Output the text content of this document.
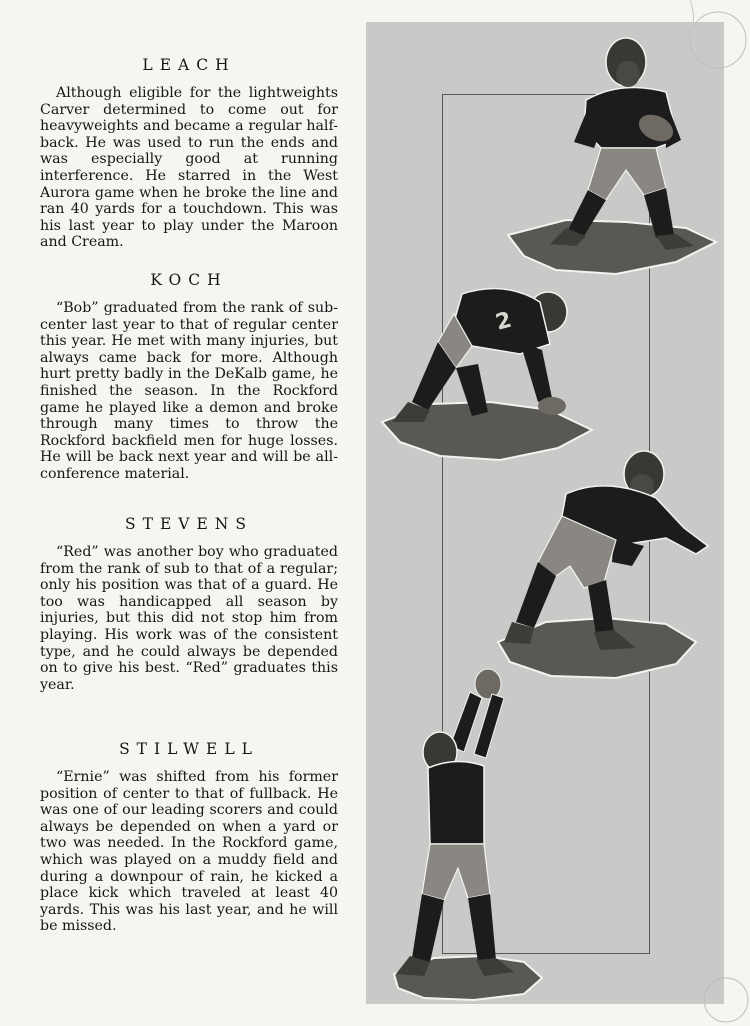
LEACH

Although eligible for the lightweights Carver determined to come out for heavyweights and became a regular half-back. He was used to run the ends and was especially good at running interference. He starred in the West Aurora game when he broke the line and ran 40 yards for a touchdown. This was his last year to play under the Maroon and Cream.

KOCH

“Bob” graduated from the rank of sub-center last year to that of regular center this year. He met with many injuries, but always came back for more. Although hurt pretty badly in the DeKalb game, he finished the season. In the Rockford game he played like a demon and broke through many times to throw the Rockford backfield men for huge losses. He will be back next year and will be all-conference material.

STEVENS

“Red” was another boy who graduated from the rank of sub to that of a regular; only his position was that of a guard. He too was handicapped all season by injuries, but this did not stop him from playing. His work was of the consistent type, and he could always be depended on to give his best. “Red” graduates this year.

STILWELL

“Ernie” was shifted from his former position of center to that of fullback. He was one of our leading scorers and could always be depended on when a yard or two was needed. In the Rockford game, which was played on a muddy field and during a downpour of rain, he kicked a place kick which traveled at least 40 yards. This was his last year, and he will be missed.

2
